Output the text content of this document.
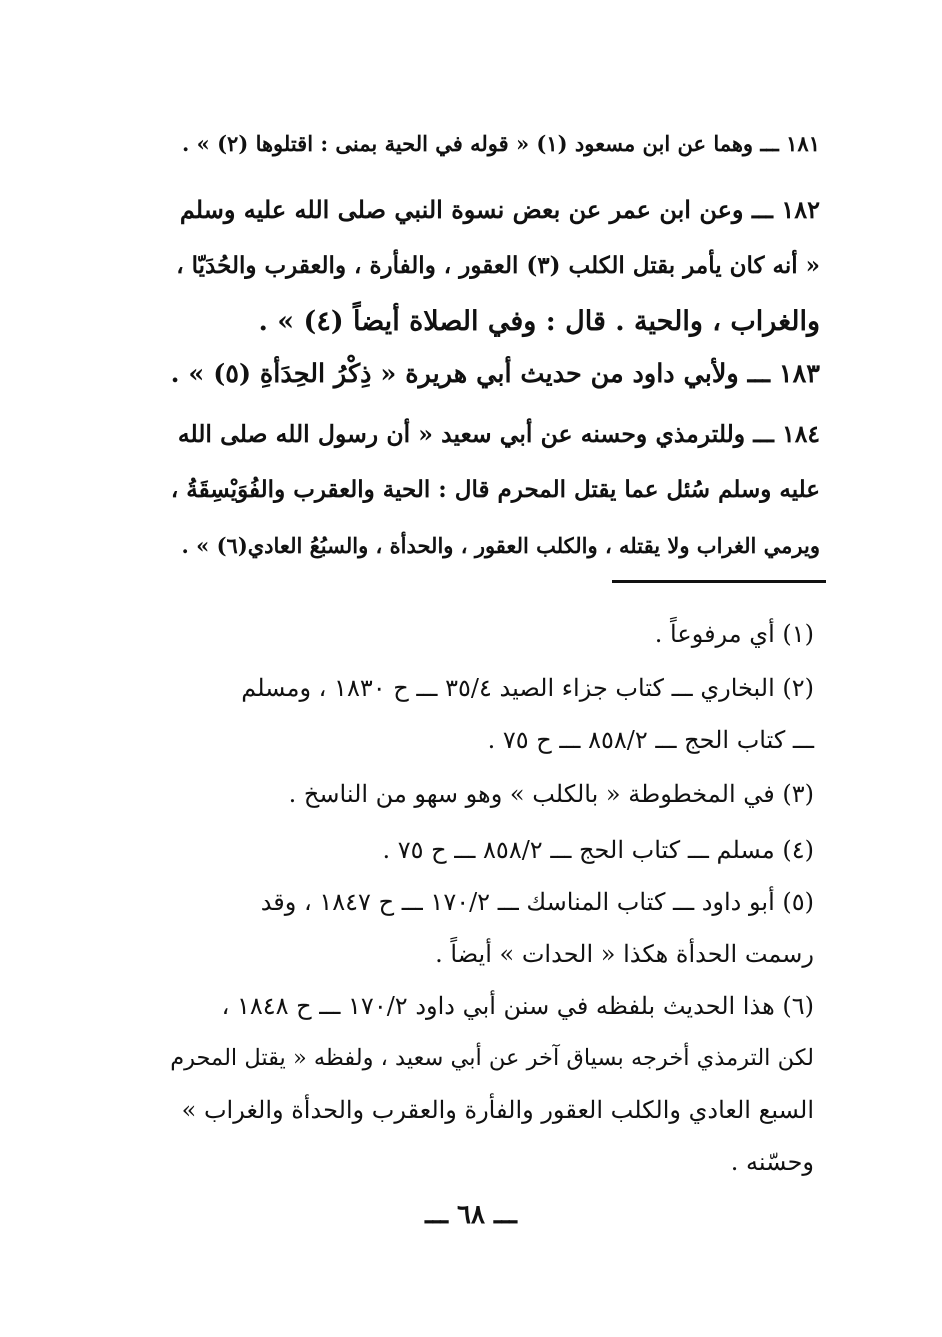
١٨١ ـــ وهما عن ابن مسعود (١) « قوله في الحية بمنى : اقتلوها (٢) » .

١٨٢ ـــ وعن ابن عمر عن بعض نسوة النبي صلى الله عليه وسلم

« أنه كان يأمر بقتل الكلب (٣) العقور ، والفأرة ، والعقرب والحُدَيّا ،

والغراب ، والحية . قال : وفي الصلاة أيضاً (٤) » .

١٨٣ ـــ ولأبي داود من حديث أبي هريرة « ذِكْرُ الحِدَأةِ (٥) » .

١٨٤ ـــ وللترمذي وحسنه عن أبي سعيد « أن رسول الله صلى الله

عليه وسلم سُئل عما يقتل المحرم قال : الحية والعقرب والفُوَيْسِقَةُ ،

ويرمي الغراب ولا يقتله ، والكلب العقور ، والحدأة ، والسبُعُ العادي(٦) » .

(١) أي مرفوعاً .
(٢) البخاري ـــ كتاب جزاء الصيد ٣٥/٤ ـــ ح ١٨٣٠ ، ومسلم
ـــ كتاب الحج ـــ ٨٥٨/٢ ـــ ح ٧٥ .
(٣) في المخطوطة « بالكلب » وهو سهو من الناسخ .
(٤) مسلم ـــ كتاب الحج ـــ ٨٥٨/٢ ـــ ح ٧٥ .
(٥) أبو داود ـــ كتاب المناسك ـــ ١٧٠/٢ ـــ ح ١٨٤٧ ، وقد
رسمت الحدأة هكذا « الحدات » أيضاً .
(٦) هذا الحديث بلفظه في سنن أبي داود ١٧٠/٢ ـــ ح ١٨٤٨ ،
لكن الترمذي أخرجه بسياق آخر عن أبي سعيد ، ولفظه « يقتل المحرم
السبع العادي والكلب العقور والفأرة والعقرب والحدأة والغراب »
وحسّنه .
ـــ ٦٨ ـــ
